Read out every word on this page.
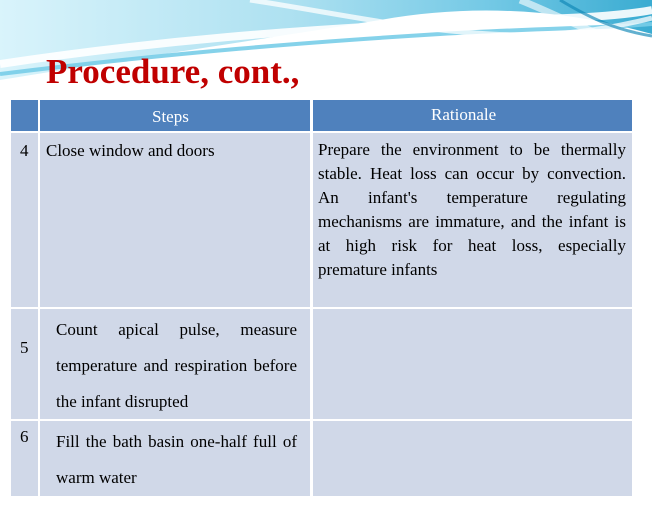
Procedure, cont.,
Steps	Rationale
4 Close window and doors	Prepare the environment to be thermally stable. Heat loss can occur by convection. An infant's temperature regulating mechanisms are immature, and the infant is at high risk for heat loss, especially premature infants
5
Count apical pulse, measure temperature and respiration before the infant disrupted
6 Fill the bath basin one-half full of warm water
